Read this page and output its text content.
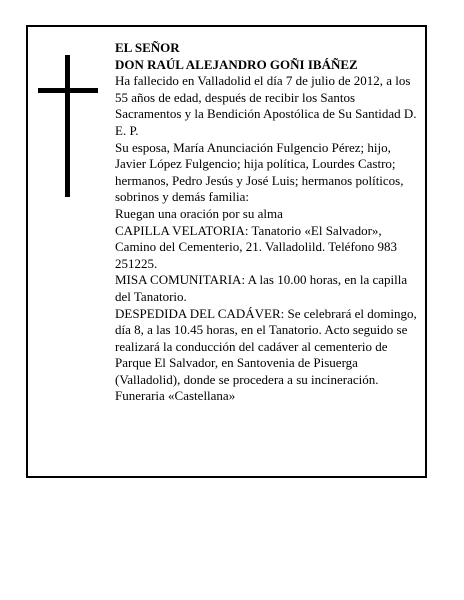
EL SEÑOR

DON RAÚL ALEJANDRO GOÑI IBÁÑEZ

Ha fallecido en Valladolid el día 7 de julio de 2012, a los 55 años de edad, después de recibir los Santos Sacramentos y la Bendición Apostólica de Su Santidad D. E. P.

Su esposa, María Anunciación Fulgencio Pérez; hijo, Javier López Fulgencio; hija política, Lourdes Castro; hermanos, Pedro Jesús y José Luis; hermanos políticos, sobrinos y demás familia:

Ruegan una oración por su alma

CAPILLA VELATORIA: Tanatorio «El Salvador», Camino del Cementerio, 21. Valladolild. Teléfono 983 251225.

MISA COMUNITARIA: A las 10.00 horas, en la capilla del Tanatorio.

DESPEDIDA DEL CADÁVER: Se celebrará el domingo, día 8, a las 10.45 horas, en el Tanatorio. Acto seguido se realizará la conducción del cadáver al cementerio de Parque El Salvador, en Santovenia de Pisuerga (Valladolid), donde se procedera a su incineración.

Funeraria «Castellana»
